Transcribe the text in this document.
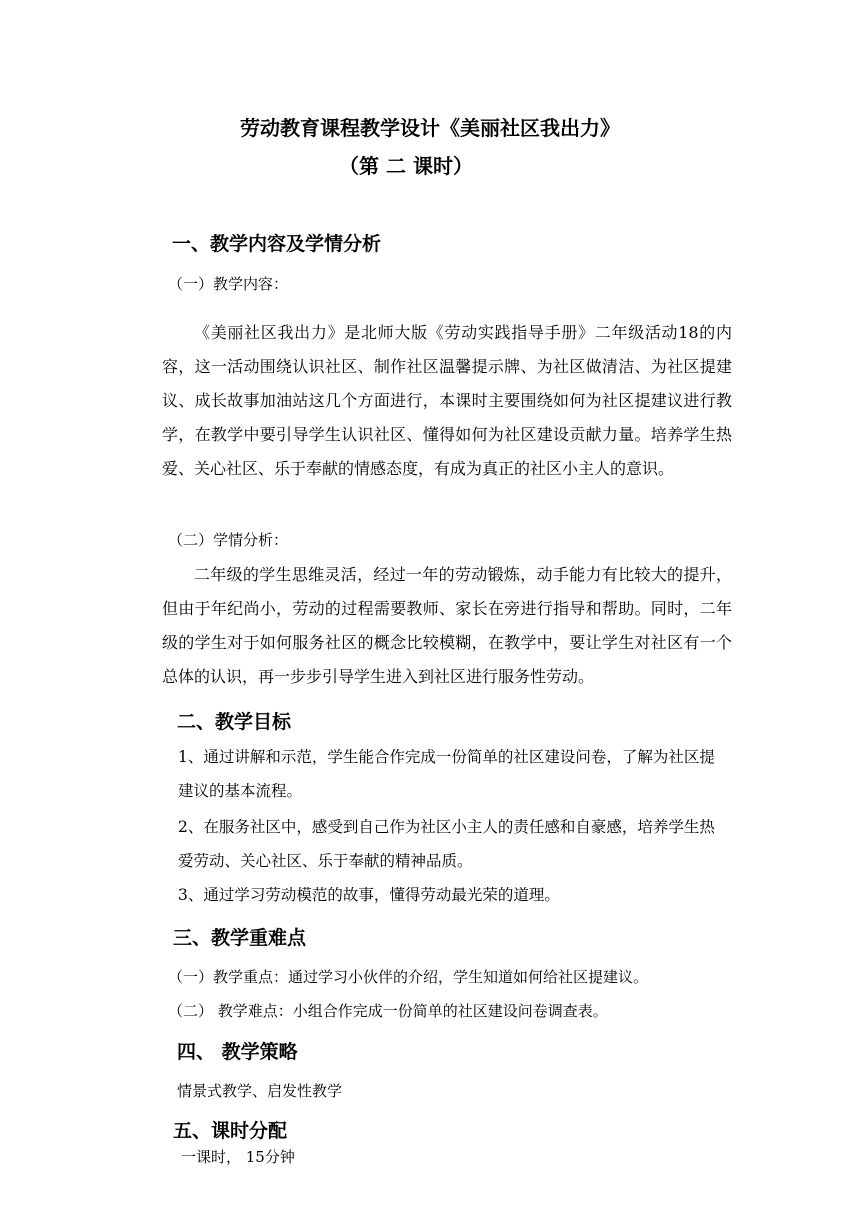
劳动教育课程教学设计《美丽社区我出力》
（第 二 课时）
一、教学内容及学情分析
（一）教学内容：

《美丽社区我出力》是北师大版《劳动实践指导手册》二年级活动18的内容，这一活动围绕认识社区、制作社区温馨提示牌、为社区做清洁、为社区提建议、成长故事加油站这几个方面进行，本课时主要围绕如何为社区提建议进行教学，在教学中要引导学生认识社区、懂得如何为社区建设贡献力量。培养学生热爱、关心社区、乐于奉献的情感态度，有成为真正的社区小主人的意识。

（二）学情分析：

二年级的学生思维灵活，经过一年的劳动锻炼，动手能力有比较大的提升，但由于年纪尚小，劳动的过程需要教师、家长在旁进行指导和帮助。同时，二年级的学生对于如何服务社区的概念比较模糊，在教学中，要让学生对社区有一个总体的认识，再一步步引导学生进入到社区进行服务性劳动。

二、教学目标

1、通过讲解和示范，学生能合作完成一份简单的社区建设问卷，了解为社区提建议的基本流程。

2、在服务社区中，感受到自己作为社区小主人的责任感和自豪感，培养学生热爱劳动、关心社区、乐于奉献的精神品质。

3、通过学习劳动模范的故事，懂得劳动最光荣的道理。

三、教学重难点
（一）教学重点：通过学习小伙伴的介绍，学生知道如何给社区提建议。
（二） 教学难点：小组合作完成一份简单的社区建设问卷调查表。
四、 教学策略
情景式教学、启发性教学
五、课时分配
一课时， 15分钟
